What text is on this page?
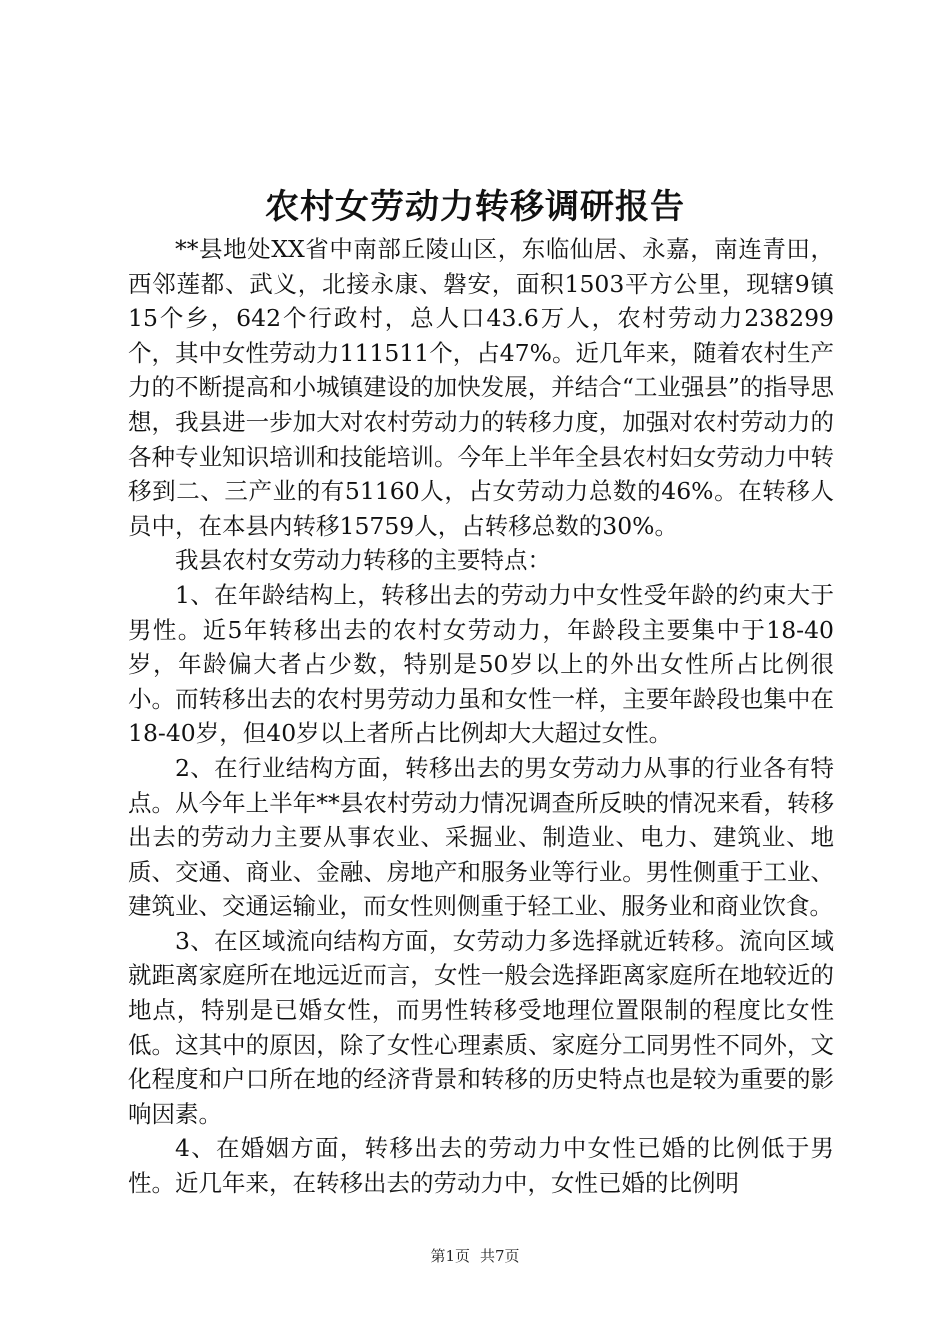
农村女劳动力转移调研报告

**县地处XX省中南部丘陵山区，东临仙居、永嘉，南连青田，西邻莲都、武义，北接永康、磐安，面积1503平方公里，现辖9镇15个乡，642个行政村，总人口43.6万人，农村劳动力238299个，其中女性劳动力111511个，占47%。近几年来，随着农村生产力的不断提高和小城镇建设的加快发展，并结合“工业强县”的指导思想，我县进一步加大对农村劳动力的转移力度，加强对农村劳动力的各种专业知识培训和技能培训。今年上半年全县农村妇女劳动力中转移到二、三产业的有51160人，占女劳动力总数的46%。在转移人员中，在本县内转移15759人，占转移总数的30%。

我县农村女劳动力转移的主要特点：

1、在年龄结构上，转移出去的劳动力中女性受年龄的约束大于男性。近5年转移出去的农村女劳动力，年龄段主要集中于18-40岁，年龄偏大者占少数，特别是50岁以上的外出女性所占比例很小。而转移出去的农村男劳动力虽和女性一样，主要年龄段也集中在18-40岁，但40岁以上者所占比例却大大超过女性。

2、在行业结构方面，转移出去的男女劳动力从事的行业各有特点。从今年上半年**县农村劳动力情况调查所反映的情况来看，转移出去的劳动力主要从事农业、采掘业、制造业、电力、建筑业、地质、交通、商业、金融、房地产和服务业等行业。男性侧重于工业、建筑业、交通运输业，而女性则侧重于轻工业、服务业和商业饮食。

3、在区域流向结构方面，女劳动力多选择就近转移。流向区域就距离家庭所在地远近而言，女性一般会选择距离家庭所在地较近的地点，特别是已婚女性，而男性转移受地理位置限制的程度比女性低。这其中的原因，除了女性心理素质、家庭分工同男性不同外，文化程度和户口所在地的经济背景和转移的历史特点也是较为重要的影响因素。

4、在婚姻方面，转移出去的劳动力中女性已婚的比例低于男性。近几年来，在转移出去的劳动力中，女性已婚的比例明

第1页 共7页
